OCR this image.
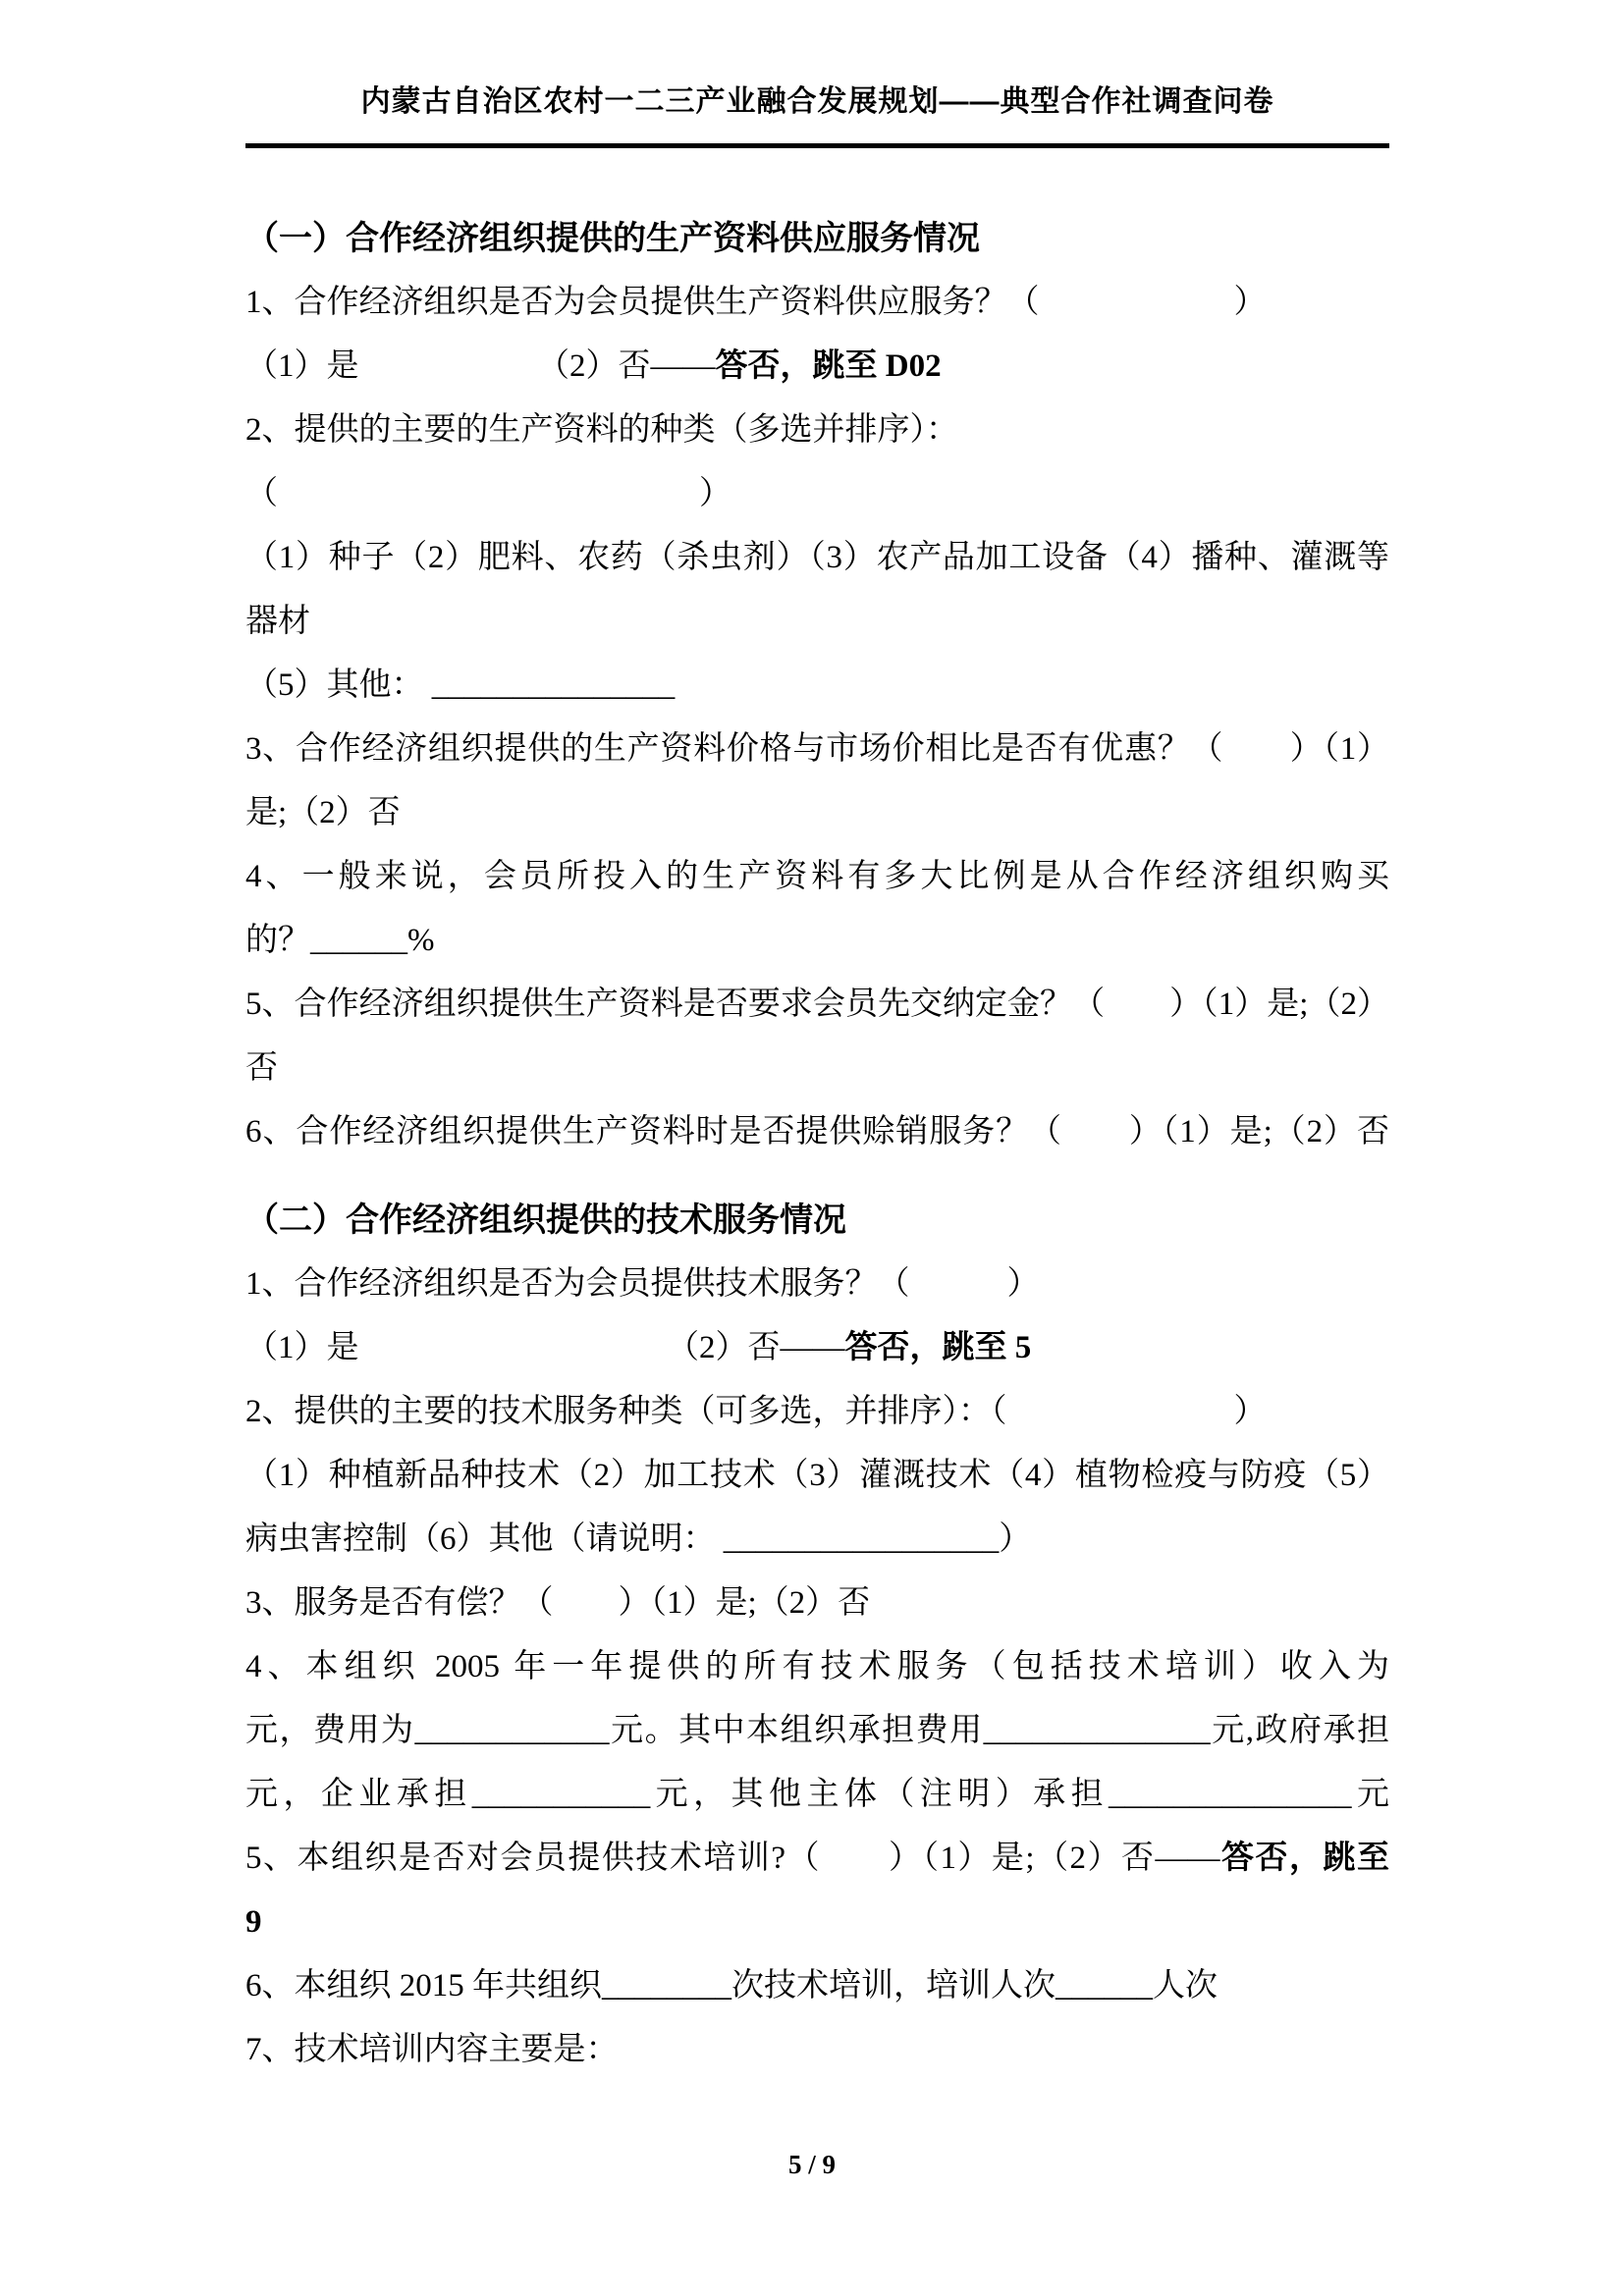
内蒙古自治区农村一二三产业融合发展规划——典型合作社调查问卷
（一）合作经济组织提供的生产资料供应服务情况
1、合作经济组织是否为会员提供生产资料供应服务？（　　　　　　）
（1）是　　　　　　（2）否——答否，跳至 D02
2、提供的主要的生产资料的种类（多选并排序）：（　　　　　　　　　　　　　）
（1）种子（2）肥料、农药（杀虫剂）（3）农产品加工设备（4）播种、灌溉等
器材
（5）其他： _______________
3、合作经济组织提供的生产资料价格与市场价相比是否有优惠？（　　）（1）
是;（2）否
4、一般来说，会员所投入的生产资料有多大比例是从合作经济组织购买
的？______%
5、合作经济组织提供生产资料是否要求会员先交纳定金？（　　）（1）是;（2）
否
6、合作经济组织提供生产资料时是否提供赊销服务？（　　）（1）是;（2）否
（二）合作经济组织提供的技术服务情况
1、合作经济组织是否为会员提供技术服务？（　　　）
（1）是　　　　　　　　　　（2）否——答否，跳至 5
2、提供的主要的技术服务种类（可多选，并排序）：（　　　　　　　）
（1）种植新品种技术（2）加工技术（3）灌溉技术（4）植物检疫与防疫（5）
病虫害控制（6）其他（请说明： _________________）
3、服务是否有偿？（　　）（1）是;（2）否
4、本组织 2005 年一年提供的所有技术服务（包括技术培训）收入为
元，费用为____________元。其中本组织承担费用______________元,政府承担
元，企业承担___________元，其他主体（注明）承担_______________元
5、本组织是否对会员提供技术培训?（　　）（1）是;（2）否——答否，跳至
9
6、本组织 2015 年共组织________次技术培训，培训人次______人次
7、技术培训内容主要是：
5 / 9
